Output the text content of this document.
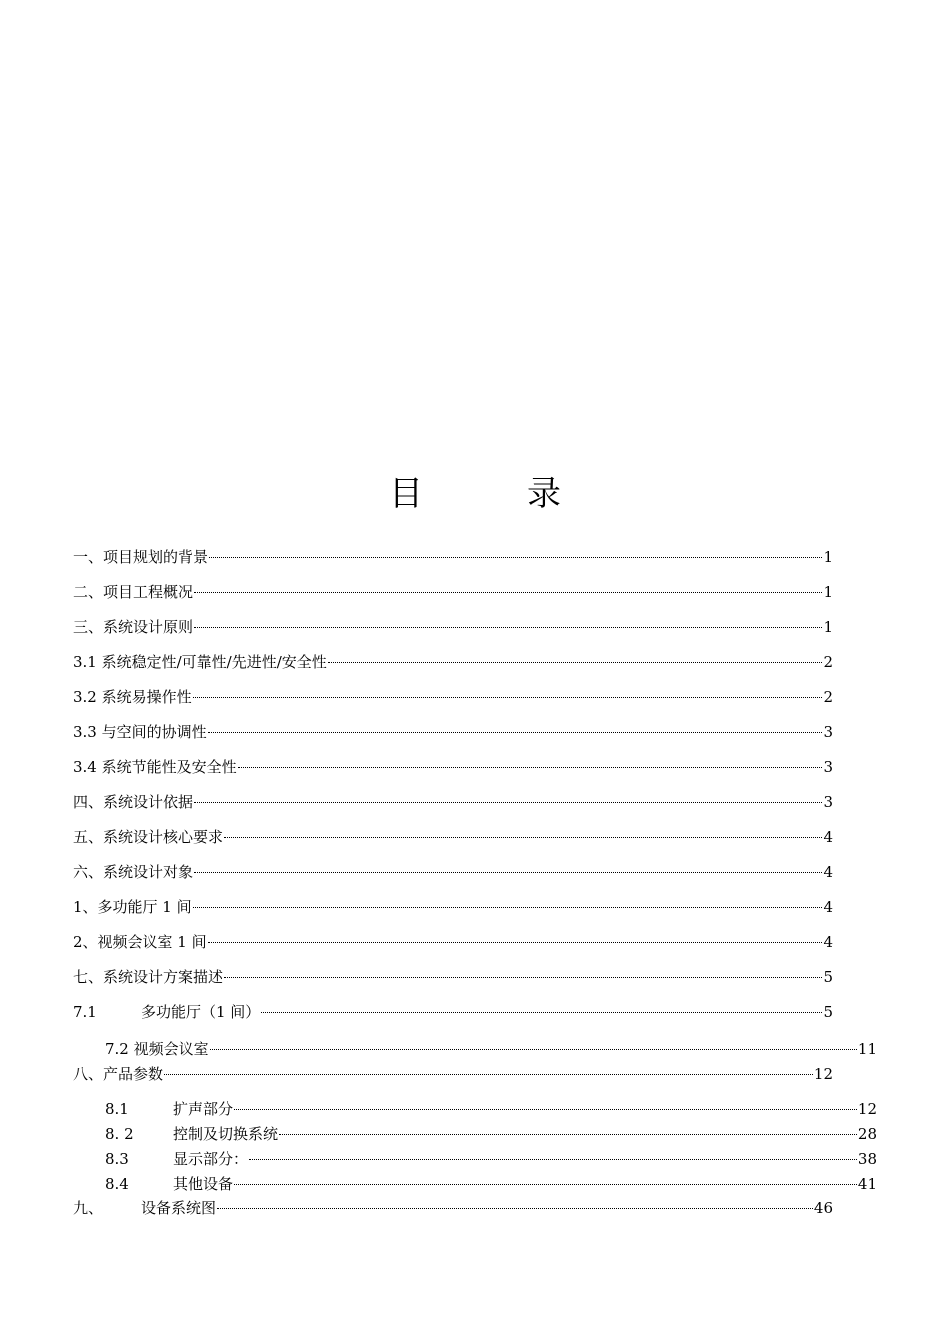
目	录
一、项目规划的背景	1
二、项目工程概况	1
三、系统设计原则	1
3.1 系统稳定性/可靠性/先进性/安全性	2
3.2 系统易操作性	2
3.3 与空间的协调性	3
3.4 系统节能性及安全性	3
四、系统设计依据	3
五、系统设计核心要求	4
六、系统设计对象	4
1、多功能厅 1 间	4
2、视频会议室 1 间	4
七、系统设计方案描述	5
7.1	多功能厅（1 间）	5
7.2 视频会议室	11
八、产品参数	12
8.1	扩声部分	12
8. 2	控制及切换系统	28
8.3	显示部分：	38
8.4	其他设备	41
九、	设备系统图	46
